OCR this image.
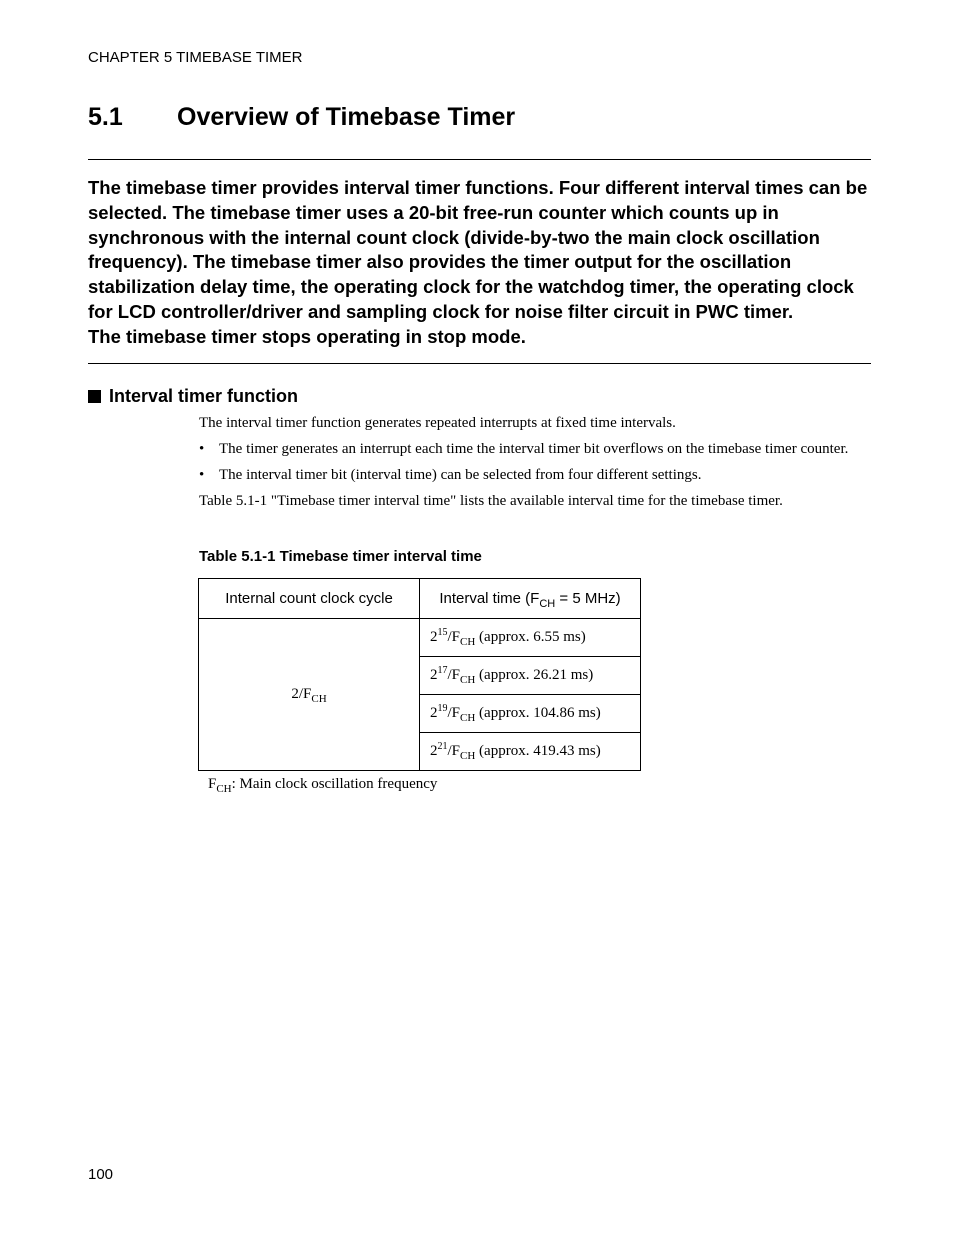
CHAPTER 5 TIMEBASE TIMER
5.1 Overview of Timebase Timer

The timebase timer provides interval timer functions. Four different interval times can be selected. The timebase timer uses a 20-bit free-run counter which counts up in synchronous with the internal count clock (divide-by-two the main clock oscillation frequency). The timebase timer also provides the timer output for the oscillation stabilization delay time, the operating clock for the watchdog timer, the operating clock for LCD controller/driver and sampling clock for noise filter circuit in PWC timer.

The timebase timer stops operating in stop mode.

Interval timer function

The interval timer function generates repeated interrupts at fixed time intervals.

• The timer generates an interrupt each time the interval timer bit overflows on the timebase timer counter.
• The interval timer bit (interval time) can be selected from four different settings.

Table 5.1-1 "Timebase timer interval time" lists the available interval time for the timebase timer.

Table 5.1-1 Timebase timer interval time
Internal count clock cycle	Interval time ($F_{CH} = 5$ MHz)
$2/F_{CH}$	$2^{15}/F_{CH}$ (approx. 6.55 ms)
	$2^{17}/F_{CH}$ (approx. 26.21 ms)
	$2^{19}/F_{CH}$ (approx. 104.86 ms)
	$2^{21}/F_{CH}$ (approx. 419.43 ms)
$F_{CH}$: Main clock oscillation frequency
100
